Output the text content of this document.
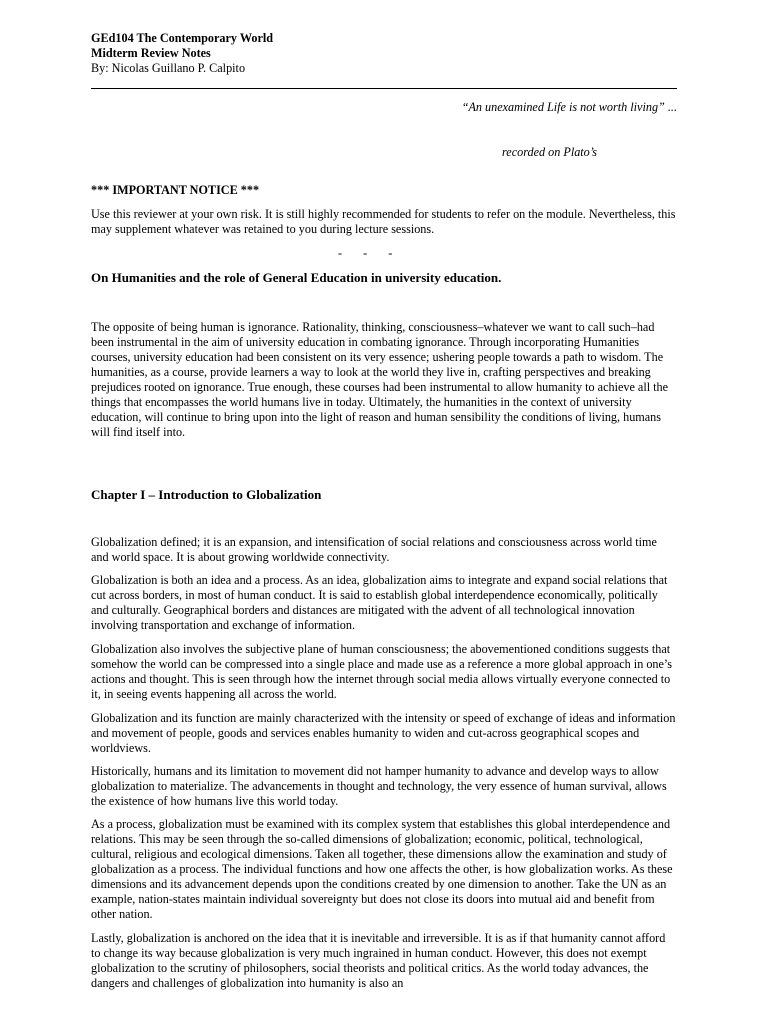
GEd104 The Contemporary World
Midterm Review Notes
By: Nicolas Guillano P. Calpito
“An unexamined Life is not worth living” ...
recorded on Plato’s
*** IMPORTANT NOTICE ***
Use this reviewer at your own risk. It is still highly recommended for students to refer on the module. Nevertheless, this may supplement whatever was retained to you during lecture sessions.
- - -
On Humanities and the role of General Education in university education.
The opposite of being human is ignorance. Rationality, thinking, consciousness–whatever we want to call such–had been instrumental in the aim of university education in combating ignorance. Through incorporating Humanities courses, university education had been consistent on its very essence; ushering people towards a path to wisdom. The humanities, as a course, provide learners a way to look at the world they live in, crafting perspectives and breaking prejudices rooted on ignorance. True enough, these courses had been instrumental to allow humanity to achieve all the things that encompasses the world humans live in today. Ultimately, the humanities in the context of university education, will continue to bring upon into the light of reason and human sensibility the conditions of living, humans will find itself into.
Chapter I – Introduction to Globalization
Globalization defined; it is an expansion, and intensification of social relations and consciousness across world time and world space. It is about growing worldwide connectivity.
Globalization is both an idea and a process. As an idea, globalization aims to integrate and expand social relations that cut across borders, in most of human conduct. It is said to establish global interdependence economically, politically and culturally. Geographical borders and distances are mitigated with the advent of all technological innovation involving transportation and exchange of information.
Globalization also involves the subjective plane of human consciousness; the abovementioned conditions suggests that somehow the world can be compressed into a single place and made use as a reference a more global approach in one’s actions and thought. This is seen through how the internet through social media allows virtually everyone connected to it, in seeing events happening all across the world.
Globalization and its function are mainly characterized with the intensity or speed of exchange of ideas and information and movement of people, goods and services enables humanity to widen and cut-across geographical scopes and worldviews.
Historically, humans and its limitation to movement did not hamper humanity to advance and develop ways to allow globalization to materialize. The advancements in thought and technology, the very essence of human survival, allows the existence of how humans live this world today.
As a process, globalization must be examined with its complex system that establishes this global interdependence and relations. This may be seen through the so-called dimensions of globalization; economic, political, technological, cultural, religious and ecological dimensions. Taken all together, these dimensions allow the examination and study of globalization as a process. The individual functions and how one affects the other, is how globalization works. As these dimensions and its advancement depends upon the conditions created by one dimension to another. Take the UN as an example, nation-states maintain individual sovereignty but does not close its doors into mutual aid and benefit from other nation.
Lastly, globalization is anchored on the idea that it is inevitable and irreversible. It is as if that humanity cannot afford to change its way because globalization is very much ingrained in human conduct. However, this does not exempt globalization to the scrutiny of philosophers, social theorists and political critics. As the world today advances, the dangers and challenges of globalization into humanity is also an
